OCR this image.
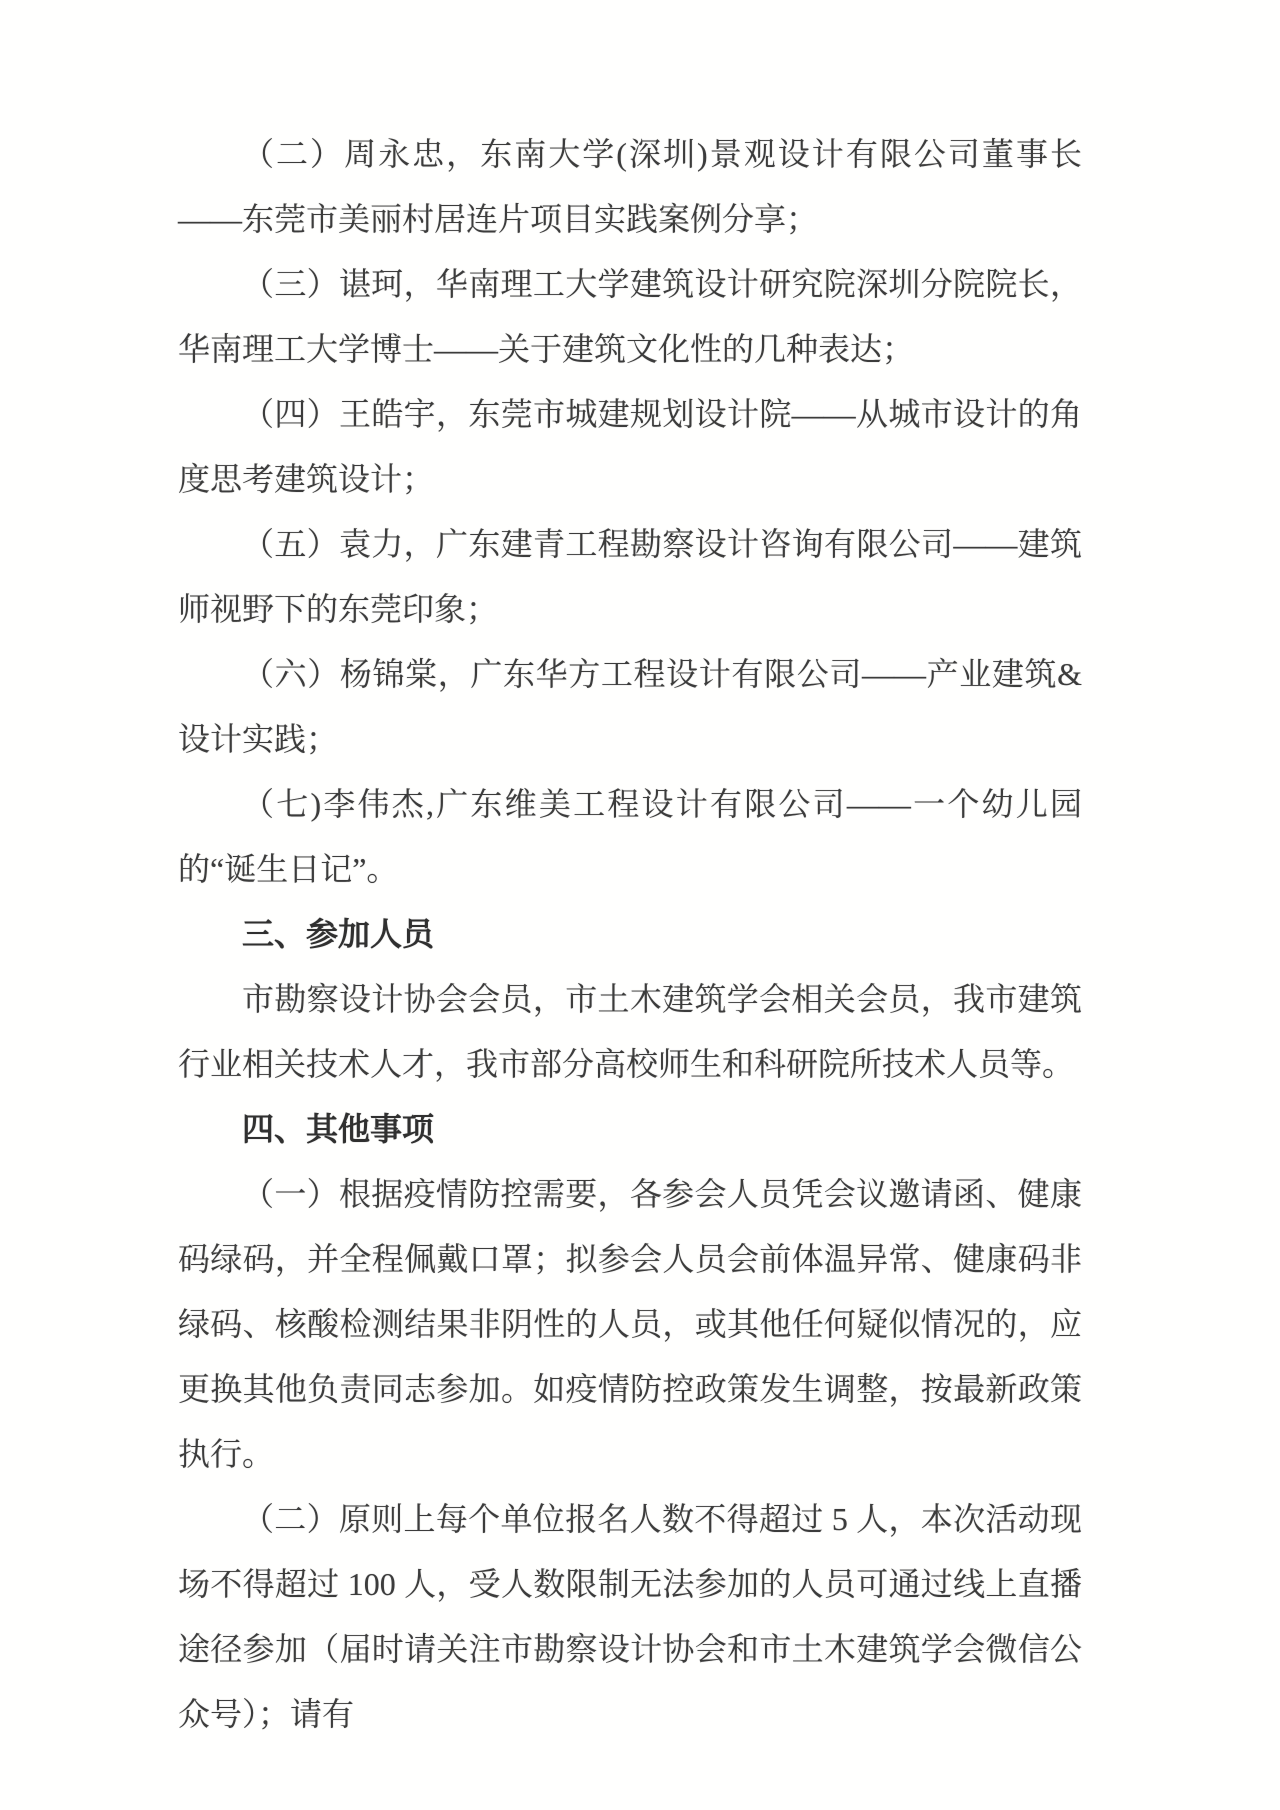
（二）周永忠，东南大学(深圳)景观设计有限公司董事长——东莞市美丽村居连片项目实践案例分享；

（三）谌珂，华南理工大学建筑设计研究院深圳分院院长，华南理工大学博士——关于建筑文化性的几种表达；

（四）王皓宇，东莞市城建规划设计院——从城市设计的角度思考建筑设计；

（五）袁力，广东建青工程勘察设计咨询有限公司——建筑师视野下的东莞印象；

（六）杨锦棠，广东华方工程设计有限公司——产业建筑&设计实践；

（七)李伟杰,广东维美工程设计有限公司——一个幼儿园的“诞生日记”。

三、参加人员

市勘察设计协会会员，市土木建筑学会相关会员，我市建筑行业相关技术人才，我市部分高校师生和科研院所技术人员等。

四、其他事项

（一）根据疫情防控需要，各参会人员凭会议邀请函、健康码绿码，并全程佩戴口罩；拟参会人员会前体温异常、健康码非绿码、核酸检测结果非阴性的人员，或其他任何疑似情况的，应更换其他负责同志参加。如疫情防控政策发生调整，按最新政策执行。

（二）原则上每个单位报名人数不得超过 5 人，本次活动现场不得超过 100 人，受人数限制无法参加的人员可通过线上直播途径参加（届时请关注市勘察设计协会和市土木建筑学会微信公众号）；请有
